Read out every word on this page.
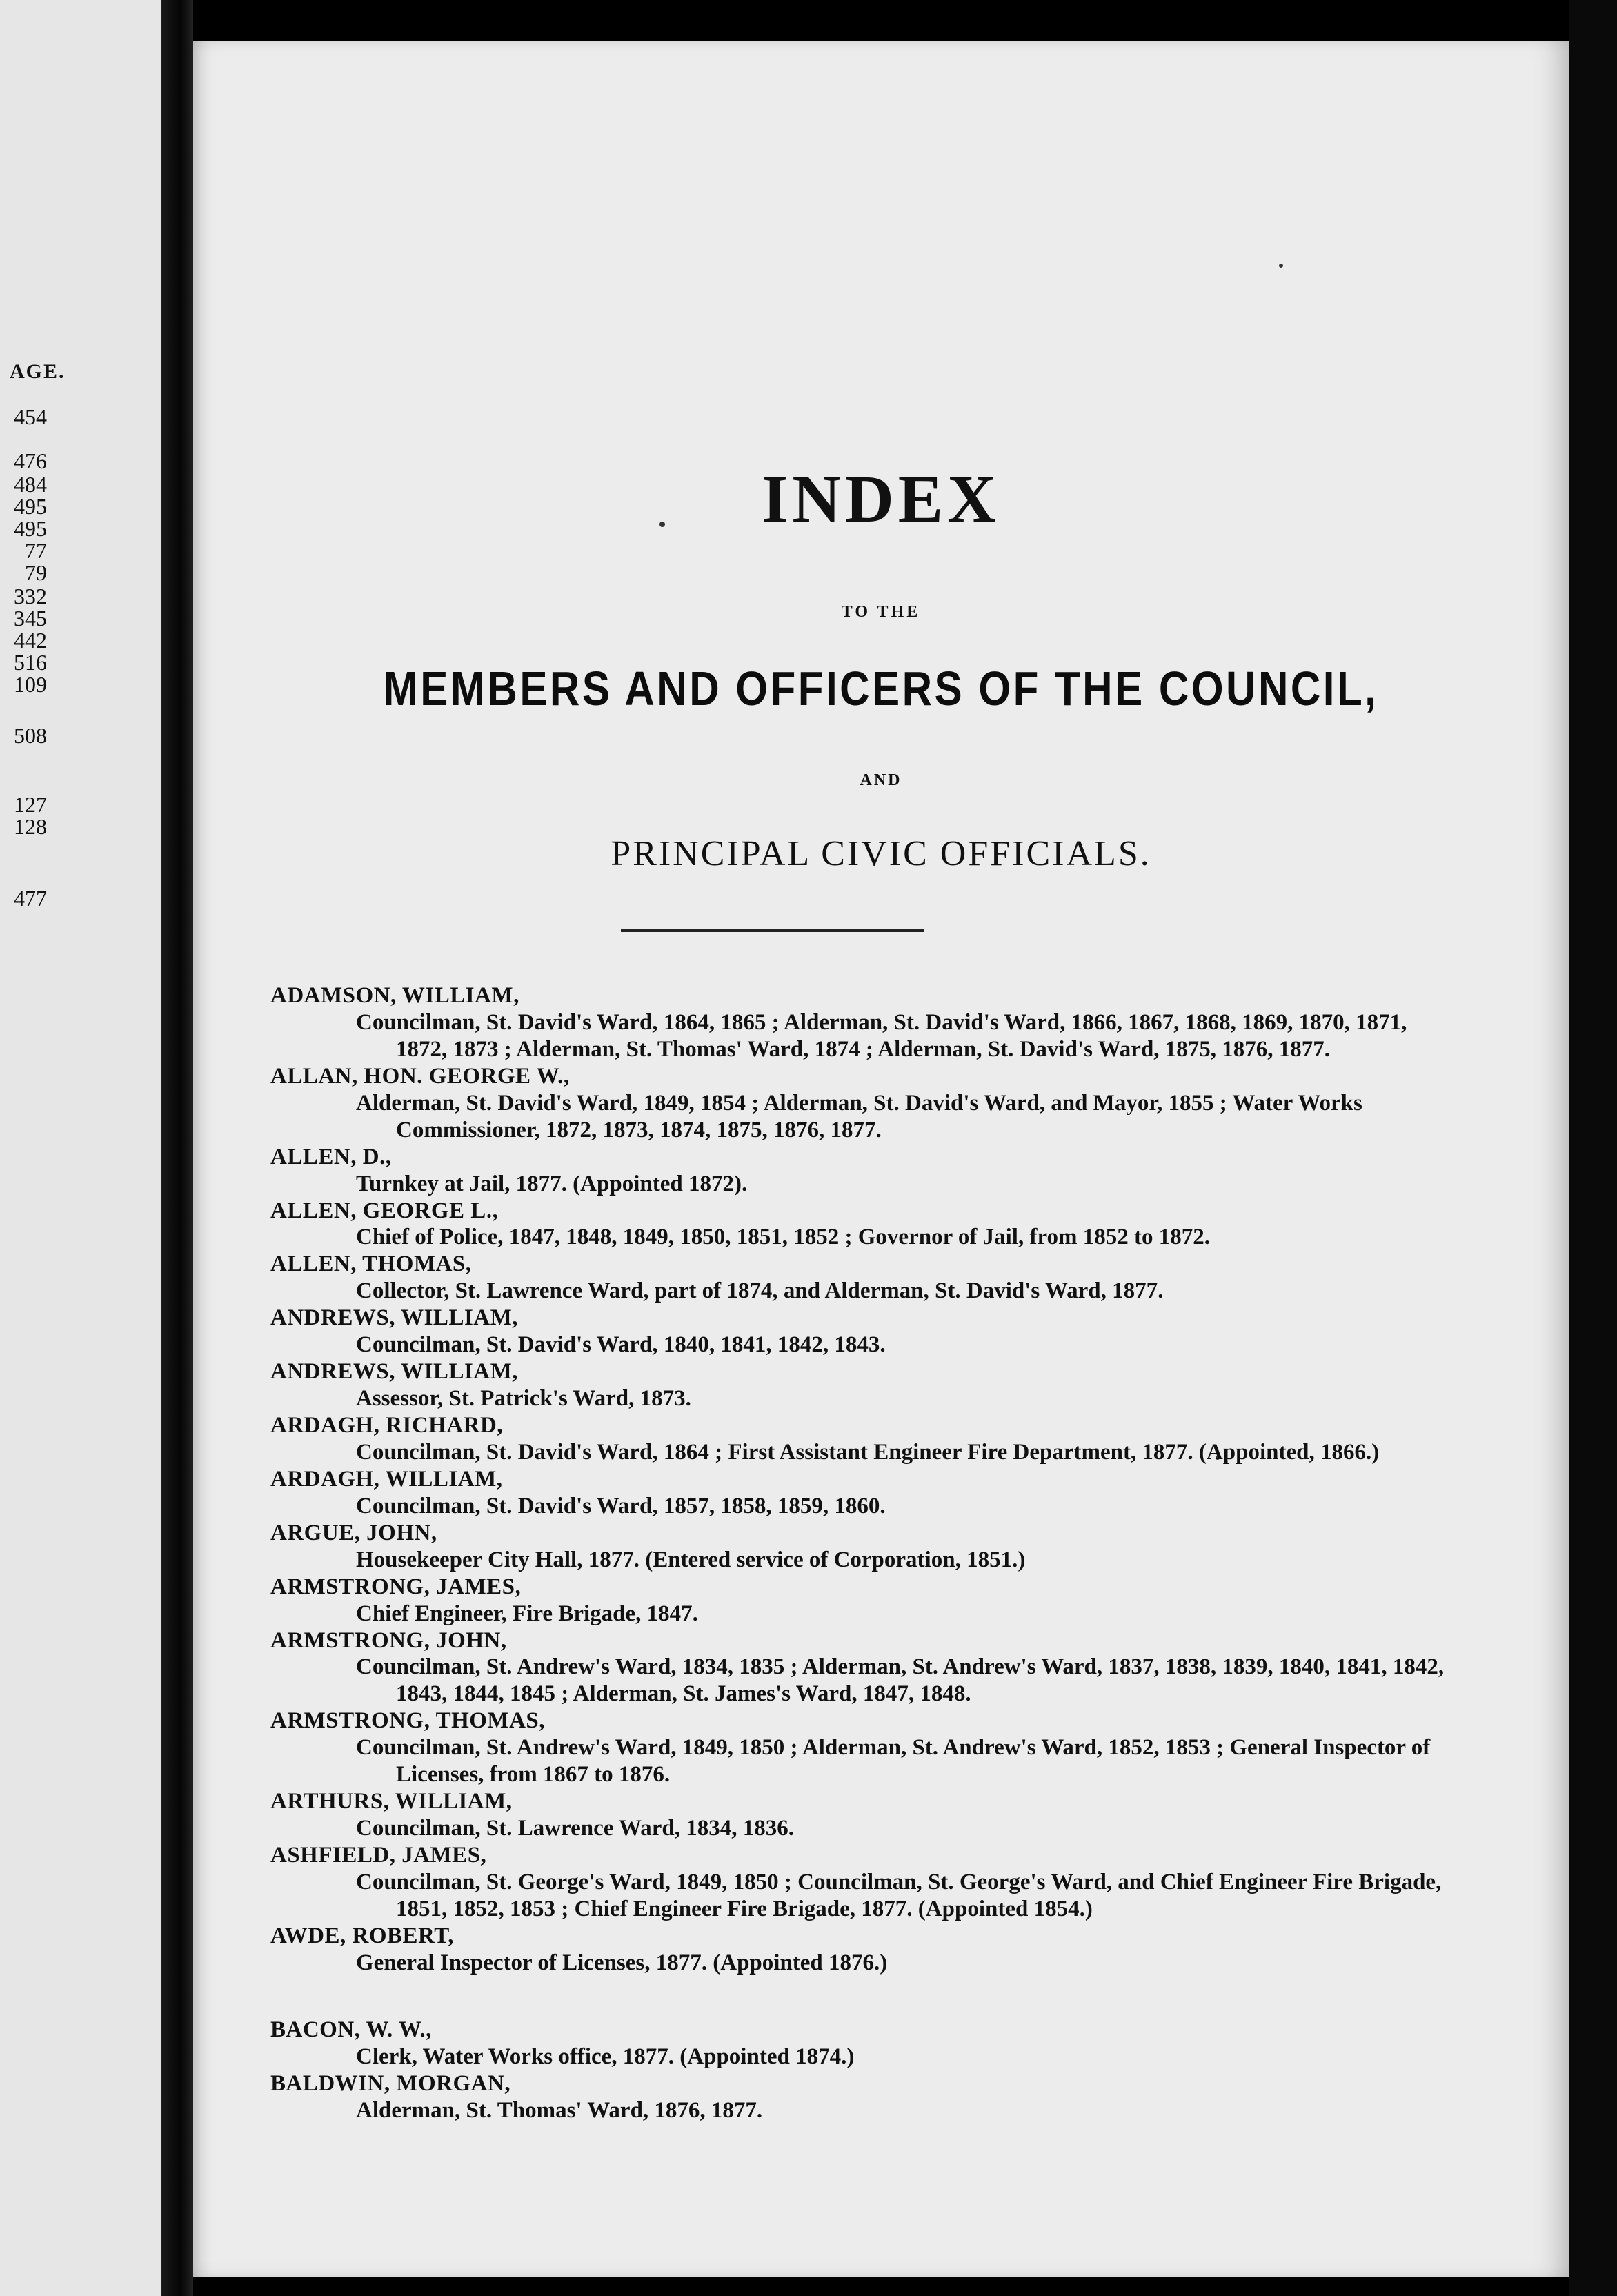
AGE.
454
476
484
495
495
77
79
332
345
442
516
109
508
127
128
477
INDEX
TO THE
MEMBERS AND OFFICERS OF THE COUNCIL,
AND
PRINCIPAL CIVIC OFFICIALS.
ADAMSON, WILLIAM,
Councilman, St. David's Ward, 1864, 1865 ; Alderman, St. David's Ward, 1866, 1867, 1868, 1869, 1870, 1871, 1872, 1873 ; Alderman, St. Thomas' Ward, 1874 ; Alderman, St. David's Ward, 1875, 1876, 1877.
ALLAN, HON. GEORGE W.,
Alderman, St. David's Ward, 1849, 1854 ; Alderman, St. David's Ward, and Mayor, 1855 ; Water Works Commissioner, 1872, 1873, 1874, 1875, 1876, 1877.
ALLEN, D.,
Turnkey at Jail, 1877. (Appointed 1872).
ALLEN, GEORGE L.,
Chief of Police, 1847, 1848, 1849, 1850, 1851, 1852 ; Governor of Jail, from 1852 to 1872.
ALLEN, THOMAS,
Collector, St. Lawrence Ward, part of 1874, and Alderman, St. David's Ward, 1877.
ANDREWS, WILLIAM,
Councilman, St. David's Ward, 1840, 1841, 1842, 1843.
ANDREWS, WILLIAM,
Assessor, St. Patrick's Ward, 1873.
ARDAGH, RICHARD,
Councilman, St. David's Ward, 1864 ; First Assistant Engineer Fire Department, 1877. (Appointed, 1866.)
ARDAGH, WILLIAM,
Councilman, St. David's Ward, 1857, 1858, 1859, 1860.
ARGUE, JOHN,
Housekeeper City Hall, 1877. (Entered service of Corporation, 1851.)
ARMSTRONG, JAMES,
Chief Engineer, Fire Brigade, 1847.
ARMSTRONG, JOHN,
Councilman, St. Andrew's Ward, 1834, 1835 ; Alderman, St. Andrew's Ward, 1837, 1838, 1839, 1840, 1841, 1842, 1843, 1844, 1845 ; Alderman, St. James's Ward, 1847, 1848.
ARMSTRONG, THOMAS,
Councilman, St. Andrew's Ward, 1849, 1850 ; Alderman, St. Andrew's Ward, 1852, 1853 ; General Inspector of Licenses, from 1867 to 1876.
ARTHURS, WILLIAM,
Councilman, St. Lawrence Ward, 1834, 1836.
ASHFIELD, JAMES,
Councilman, St. George's Ward, 1849, 1850 ; Councilman, St. George's Ward, and Chief Engineer Fire Brigade, 1851, 1852, 1853 ; Chief Engineer Fire Brigade, 1877. (Appointed 1854.)
AWDE, ROBERT,
General Inspector of Licenses, 1877. (Appointed 1876.)
BACON, W. W.,
Clerk, Water Works office, 1877. (Appointed 1874.)
BALDWIN, MORGAN,
Alderman, St. Thomas' Ward, 1876, 1877.
